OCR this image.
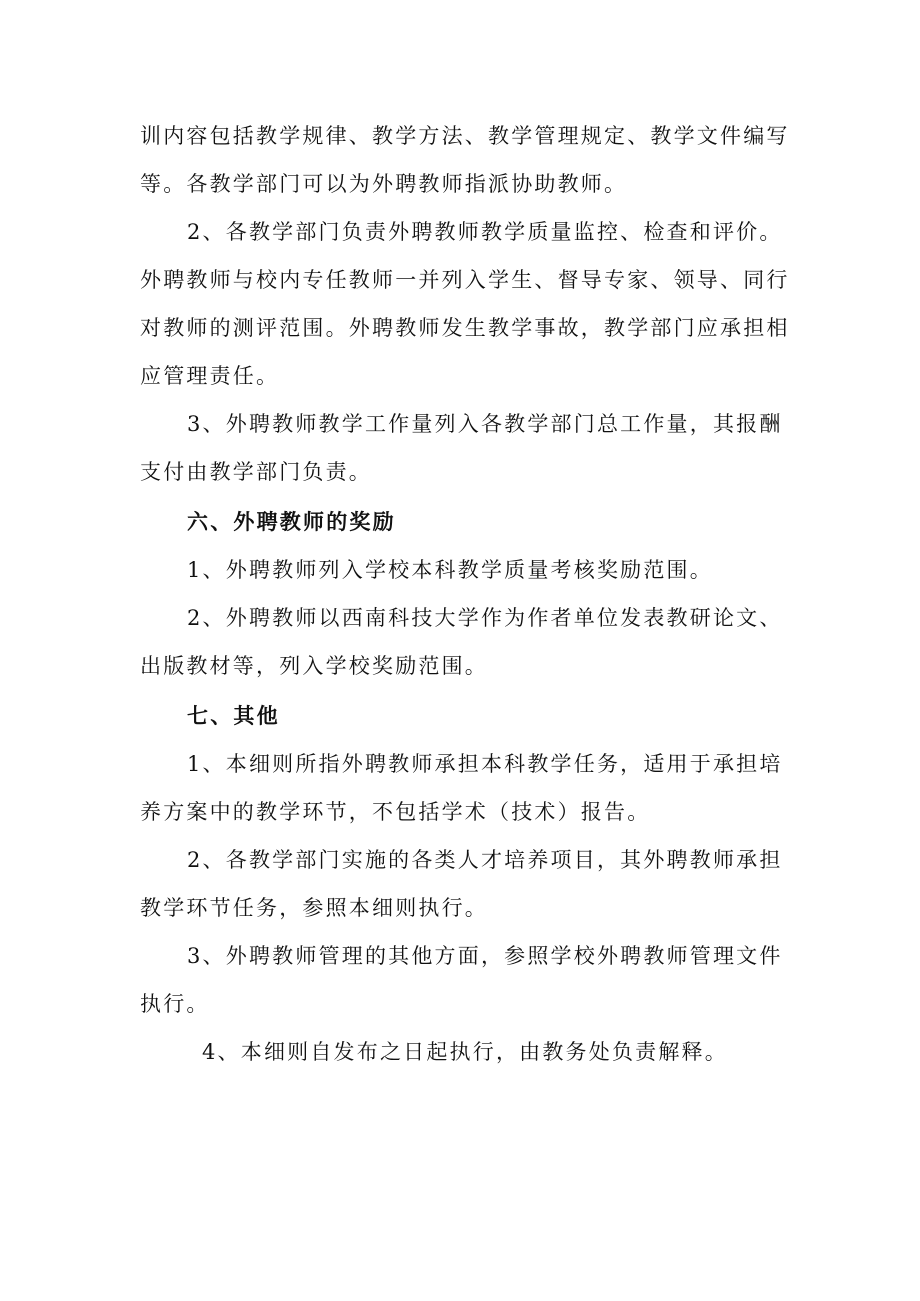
训内容包括教学规律、教学方法、教学管理规定、教学文件编写
等。各教学部门可以为外聘教师指派协助教师。
2、各教学部门负责外聘教师教学质量监控、检查和评价。
外聘教师与校内专任教师一并列入学生、督导专家、领导、同行
对教师的测评范围。外聘教师发生教学事故，教学部门应承担相
应管理责任。
3、外聘教师教学工作量列入各教学部门总工作量，其报酬
支付由教学部门负责。
六、外聘教师的奖励
1、外聘教师列入学校本科教学质量考核奖励范围。
2、外聘教师以西南科技大学作为作者单位发表教研论文、
出版教材等，列入学校奖励范围。
七、其他
1、本细则所指外聘教师承担本科教学任务，适用于承担培
养方案中的教学环节，不包括学术（技术）报告。
2、各教学部门实施的各类人才培养项目，其外聘教师承担
教学环节任务，参照本细则执行。
3、外聘教师管理的其他方面，参照学校外聘教师管理文件
执行。
4、本细则自发布之日起执行，由教务处负责解释。
